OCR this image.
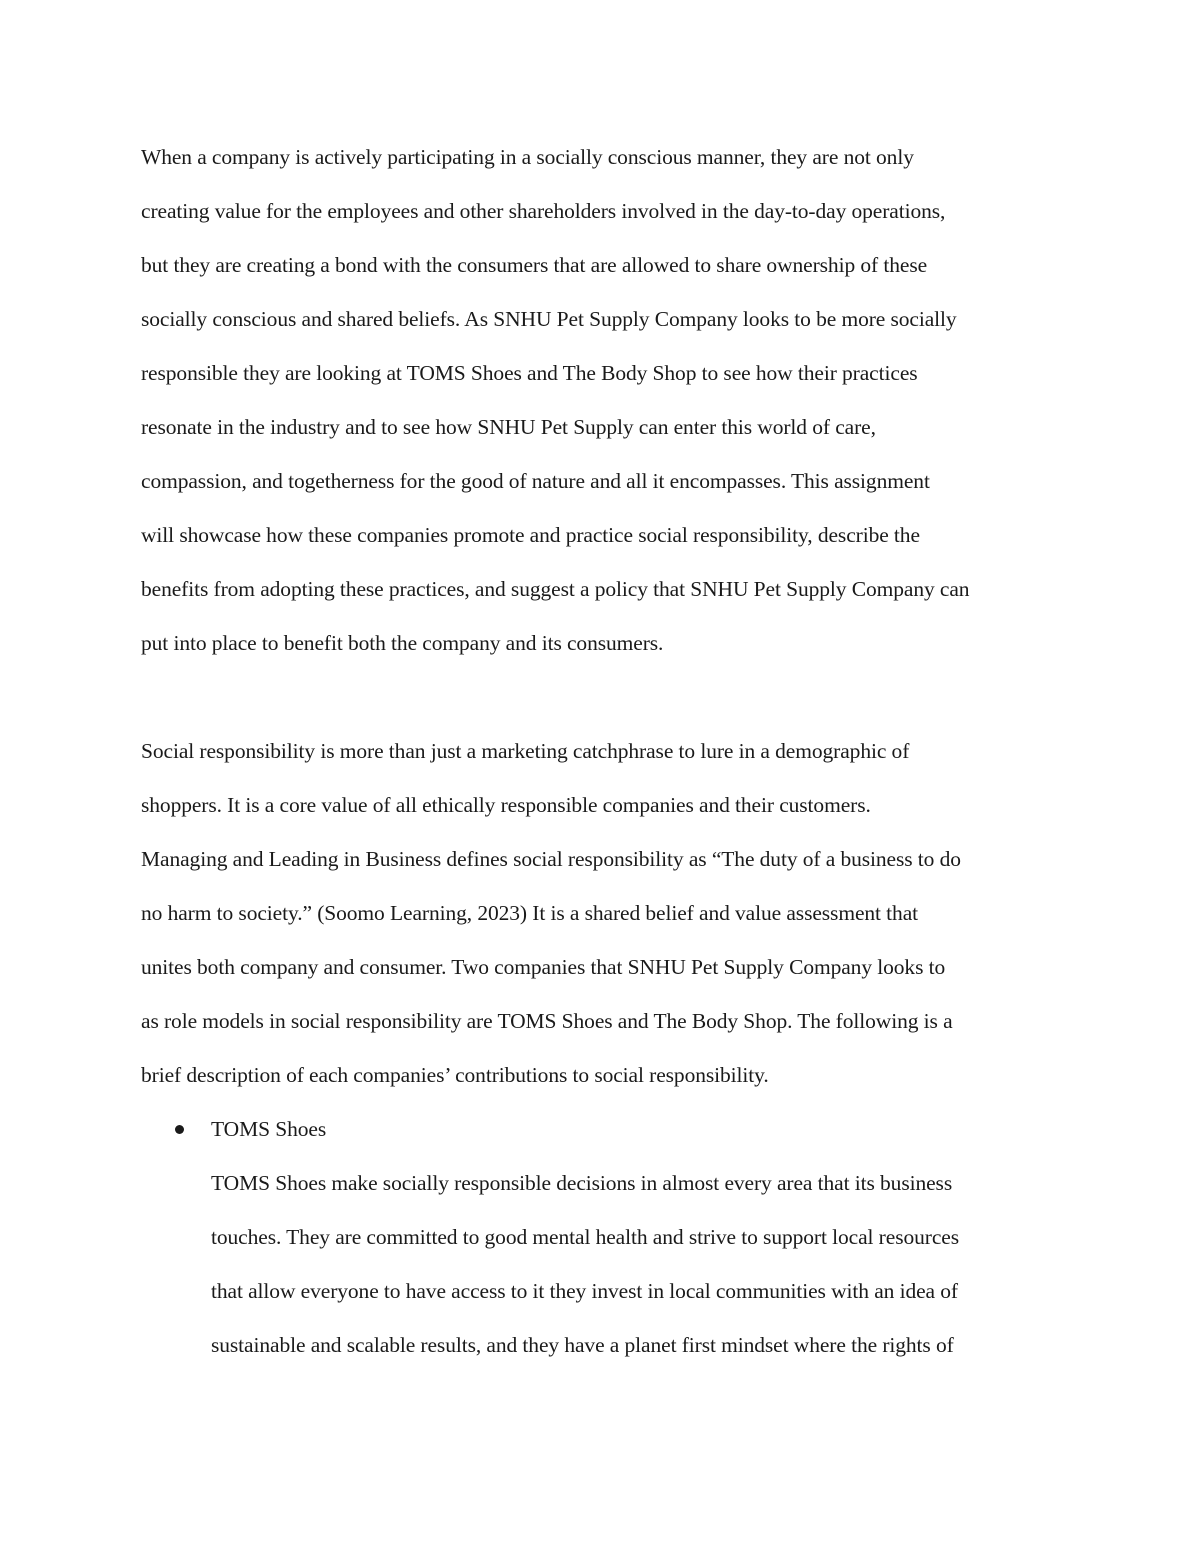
When a company is actively participating in a socially conscious manner, they are not only
creating value for the employees and other shareholders involved in the day-to-day operations,
but they are creating a bond with the consumers that are allowed to share ownership of these
socially conscious and shared beliefs. As SNHU Pet Supply Company looks to be more socially
responsible they are looking at TOMS Shoes and The Body Shop to see how their practices
resonate in the industry and to see how SNHU Pet Supply can enter this world of care,
compassion, and togetherness for the good of nature and all it encompasses. This assignment
will showcase how these companies promote and practice social responsibility, describe the
benefits from adopting these practices, and suggest a policy that SNHU Pet Supply Company can
put into place to benefit both the company and its consumers.
Social responsibility is more than just a marketing catchphrase to lure in a demographic of
shoppers. It is a core value of all ethically responsible companies and their customers.
Managing and Leading in Business defines social responsibility as “The duty of a business to do
no harm to society.” (Soomo Learning, 2023) It is a shared belief and value assessment that
unites both company and consumer. Two companies that SNHU Pet Supply Company looks to
as role models in social responsibility are TOMS Shoes and The Body Shop. The following is a
brief description of each companies’ contributions to social responsibility.
TOMS Shoes
TOMS Shoes make socially responsible decisions in almost every area that its business
touches. They are committed to good mental health and strive to support local resources
that allow everyone to have access to it they invest in local communities with an idea of
sustainable and scalable results, and they have a planet first mindset where the rights of
